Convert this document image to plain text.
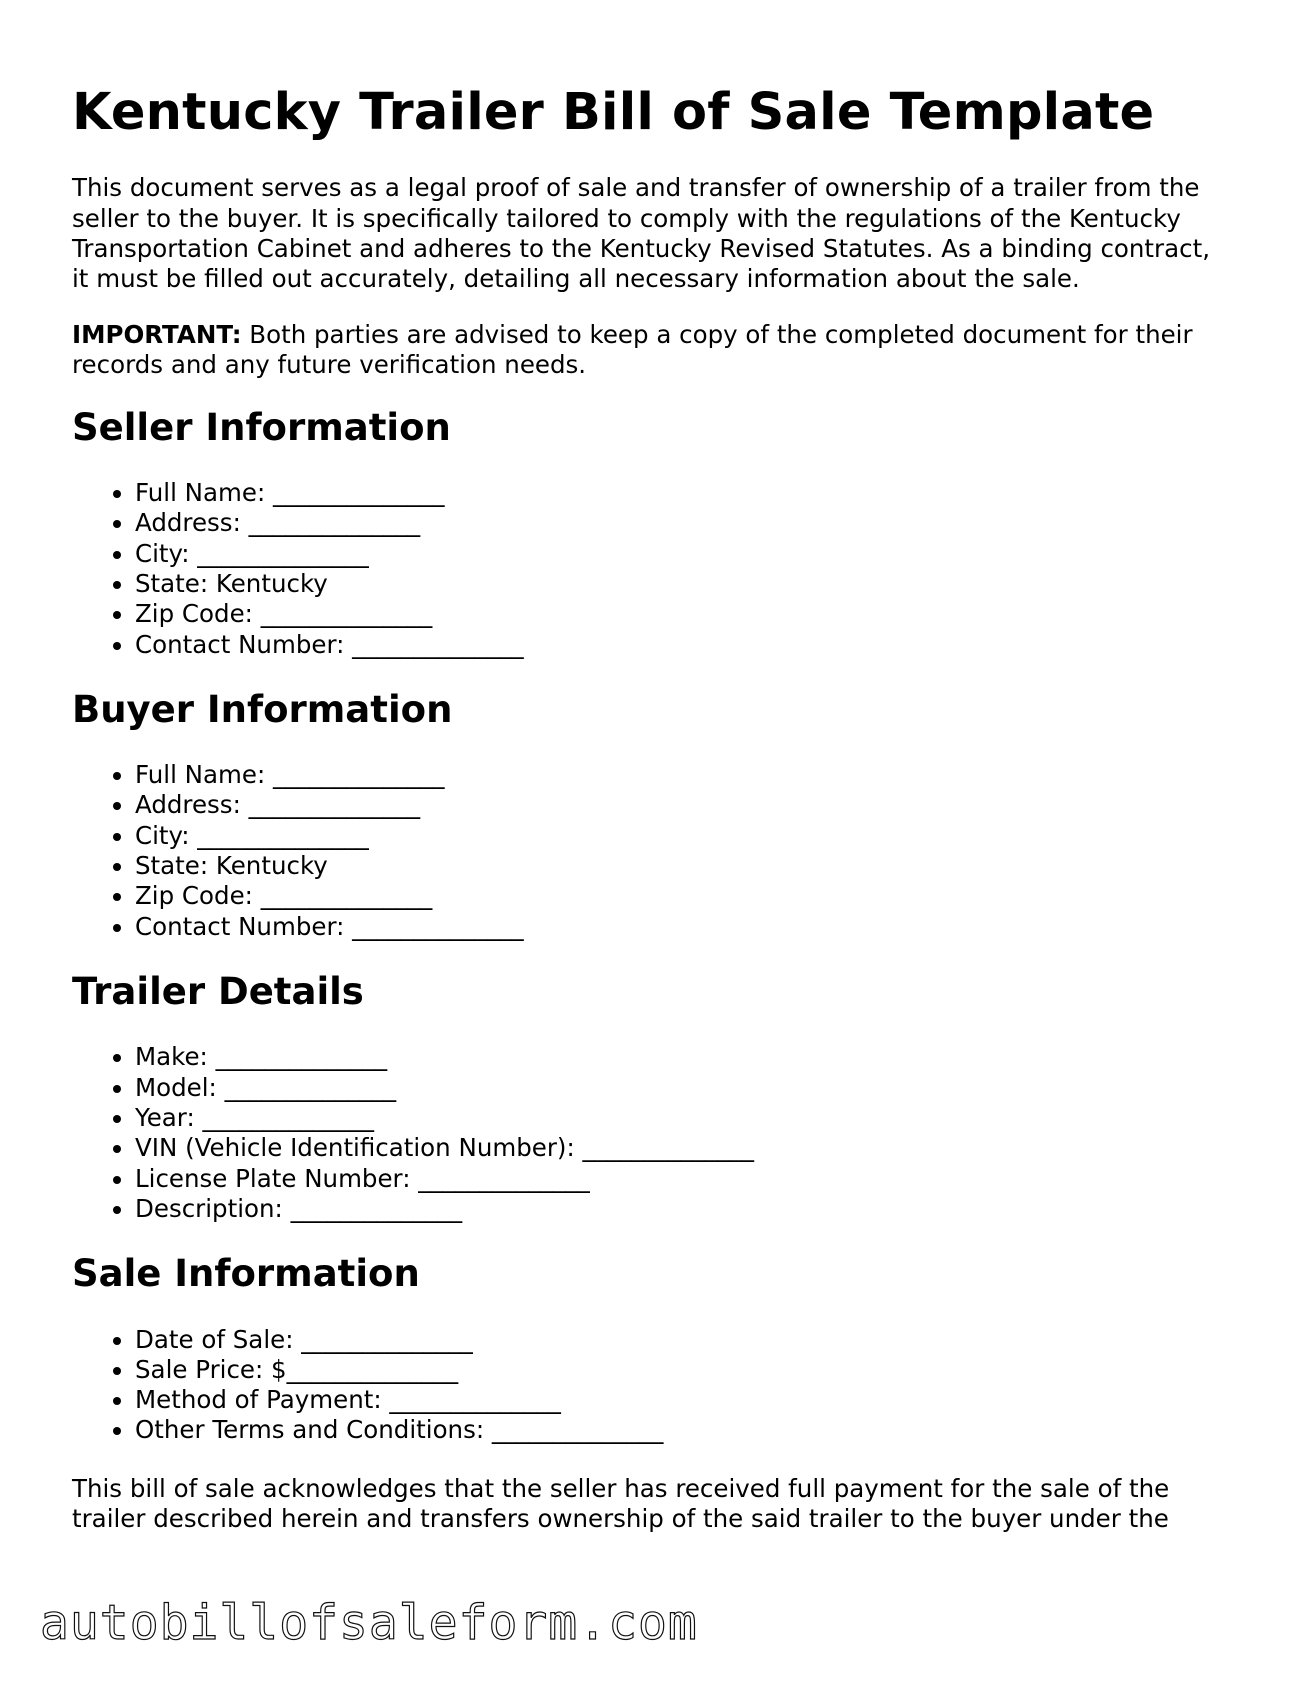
Kentucky Trailer Bill of Sale Template

This document serves as a legal proof of sale and transfer of ownership of a trailer from the seller to the buyer. It is specifically tailored to comply with the regulations of the Kentucky Transportation Cabinet and adheres to the Kentucky Revised Statutes. As a binding contract, it must be filled out accurately, detailing all necessary information about the sale.

IMPORTANT: Both parties are advised to keep a copy of the completed document for their records and any future verification needs.

Seller Information
• Full Name: ______________
• Address: ______________
• City: ______________
• State: Kentucky
• Zip Code: ______________
• Contact Number: ______________
Buyer Information
• Full Name: ______________
• Address: ______________
• City: ______________
• State: Kentucky
• Zip Code: ______________
• Contact Number: ______________
Trailer Details
• Make: ______________
• Model: ______________
• Year: ______________
• VIN (Vehicle Identification Number): ______________
• License Plate Number: ______________
• Description: ______________
Sale Information
• Date of Sale: ______________
• Sale Price: $______________
• Method of Payment: ______________
• Other Terms and Conditions: ______________

This bill of sale acknowledges that the seller has received full payment for the sale of the trailer described herein and transfers ownership of the said trailer to the buyer under the

autobillofsaleform.com
